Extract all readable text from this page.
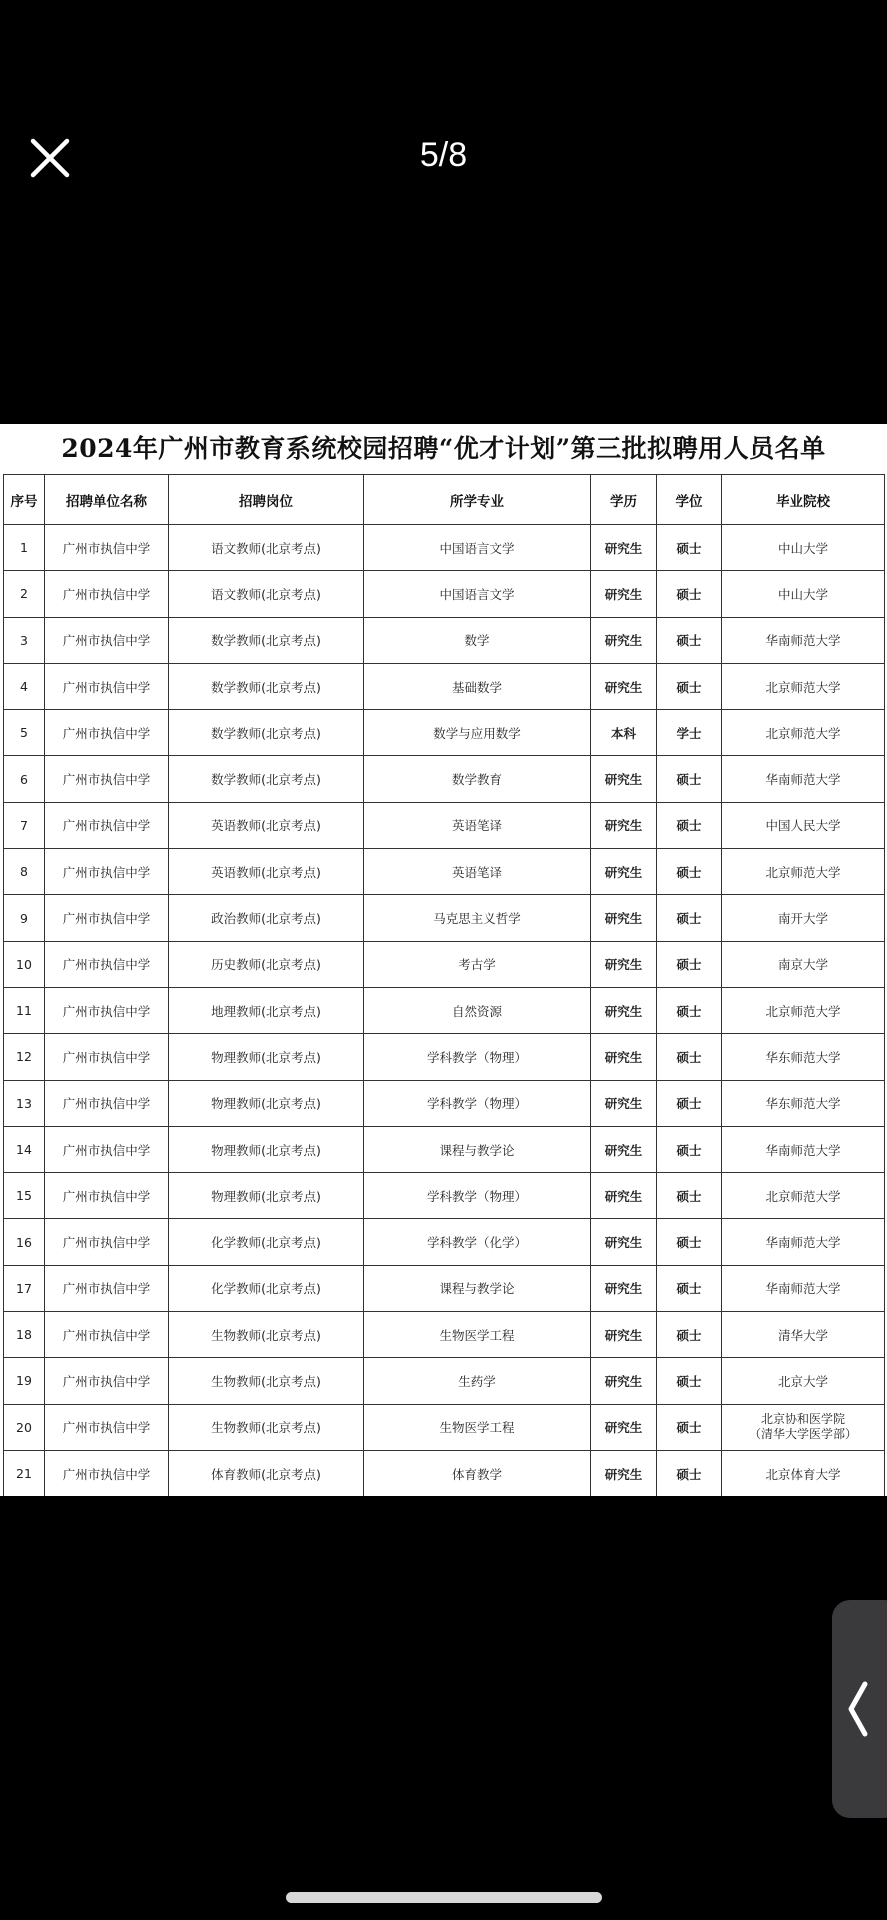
5/8
2024年广州市教育系统校园招聘“优才计划”第三批拟聘用人员名单
序号	招聘单位名称	招聘岗位	所学专业	学历	学位	毕业院校
1	广州市执信中学	语文教师(北京考点)	中国语言文学	研究生	硕士	中山大学
2	广州市执信中学	语文教师(北京考点)	中国语言文学	研究生	硕士	中山大学
3	广州市执信中学	数学教师(北京考点)	数学	研究生	硕士	华南师范大学
4	广州市执信中学	数学教师(北京考点)	基础数学	研究生	硕士	北京师范大学
5	广州市执信中学	数学教师(北京考点)	数学与应用数学	本科	学士	北京师范大学
6	广州市执信中学	数学教师(北京考点)	数学教育	研究生	硕士	华南师范大学
7	广州市执信中学	英语教师(北京考点)	英语笔译	研究生	硕士	中国人民大学
8	广州市执信中学	英语教师(北京考点)	英语笔译	研究生	硕士	北京师范大学
9	广州市执信中学	政治教师(北京考点)	马克思主义哲学	研究生	硕士	南开大学
10	广州市执信中学	历史教师(北京考点)	考古学	研究生	硕士	南京大学
11	广州市执信中学	地理教师(北京考点)	自然资源	研究生	硕士	北京师范大学
12	广州市执信中学	物理教师(北京考点)	学科教学（物理）	研究生	硕士	华东师范大学
13	广州市执信中学	物理教师(北京考点)	学科教学（物理）	研究生	硕士	华东师范大学
14	广州市执信中学	物理教师(北京考点)	课程与教学论	研究生	硕士	华南师范大学
15	广州市执信中学	物理教师(北京考点)	学科教学（物理）	研究生	硕士	北京师范大学
16	广州市执信中学	化学教师(北京考点)	学科教学（化学）	研究生	硕士	华南师范大学
17	广州市执信中学	化学教师(北京考点)	课程与教学论	研究生	硕士	华南师范大学
18	广州市执信中学	生物教师(北京考点)	生物医学工程	研究生	硕士	清华大学
19	广州市执信中学	生物教师(北京考点)	生药学	研究生	硕士	北京大学
20	广州市执信中学	生物教师(北京考点)	生物医学工程	研究生	硕士	北京协和医学院
（清华大学医学部）
21	广州市执信中学	体育教师(北京考点)	体育教学	研究生	硕士	北京体育大学
